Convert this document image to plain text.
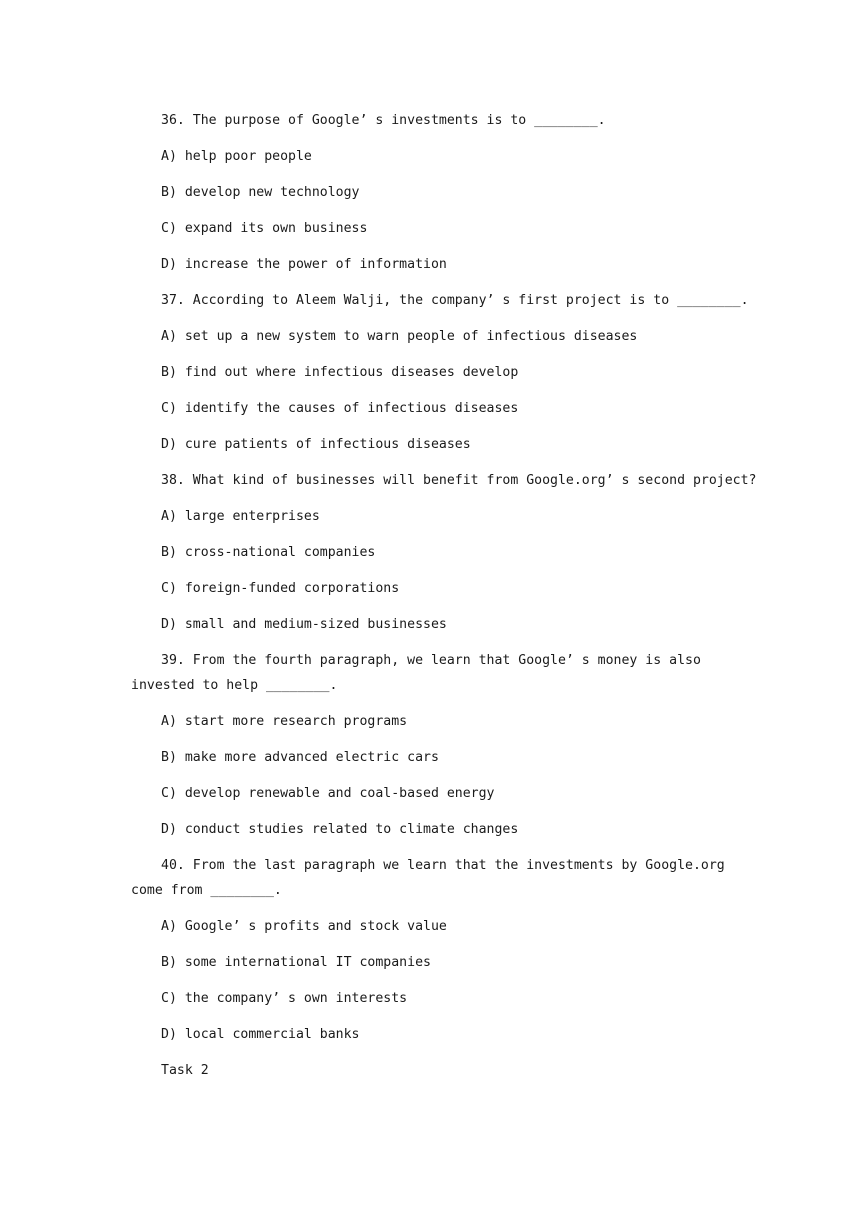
36. The purpose of Google’ s investments is to ________.
A) help poor people
B) develop new technology
C) expand its own business
D) increase the power of information
37. According to Aleem Walji, the company’ s first project is to ________.
A) set up a new system to warn people of infectious diseases
B) find out where infectious diseases develop
C) identify the causes of infectious diseases
D) cure patients of infectious diseases
38. What kind of businesses will benefit from Google.org’ s second project?
A) large enterprises
B) cross-national companies
C) foreign-funded corporations
D) small and medium-sized businesses
39. From the fourth paragraph, we learn that Google’ s money is also invested to help ________.
A) start more research programs
B) make more advanced electric cars
C) develop renewable and coal-based energy
D) conduct studies related to climate changes
40. From the last paragraph we learn that the investments by Google.org come from ________.
A) Google’ s profits and stock value
B) some international IT companies
C) the company’ s own interests
D) local commercial banks
Task 2
